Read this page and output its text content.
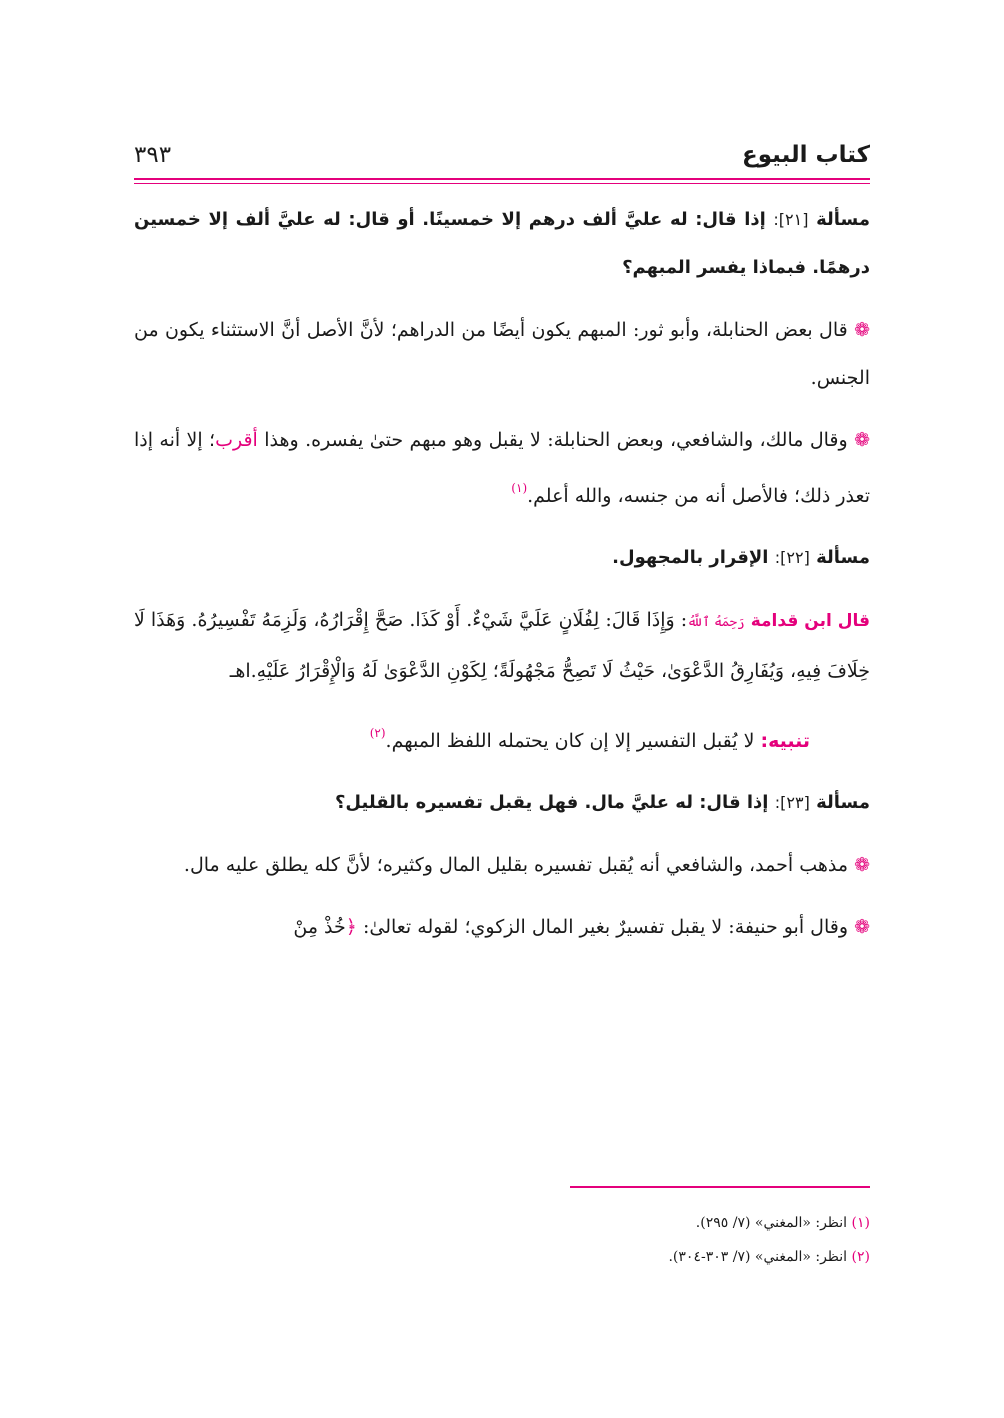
كتاب البيوع
٣٩٣

مسألة [٢١]: إذا قال: له عليَّ ألف درهم إلا خمسينًا. أو قال: له عليَّ ألف إلا خمسين درهمًا. فبماذا يفسر المبهم؟

❁ قال بعض الحنابلة، وأبو ثور: المبهم يكون أيضًا من الدراهم؛ لأنَّ الأصل أنَّ الاستثناء يكون من الجنس.

❁ وقال مالك، والشافعي، وبعض الحنابلة: لا يقبل وهو مبهم حتىٰ يفسره. وهذا أقرب؛ إلا أنه إذا تعذر ذلك؛ فالأصل أنه من جنسه، والله أعلم.$^{(١)}$

مسألة [٢٢]: الإقرار بالمجهول.

قال ابن قدامة رَحِمَهُ ٱللَّهُ: وَإِذَا قَالَ: لِفُلَانٍ عَلَيَّ شَيْءٌ. أَوْ كَذَا. صَحَّ إِقْرَارُهُ، وَلَزِمَهُ تَفْسِيرُهُ. وَهَذَا لَا خِلَافَ فِيهِ، وَيُفَارِقُ الدَّعْوَىٰ، حَيْثُ لَا تَصِحُّ مَجْهُولَةً؛ لِكَوْنِ الدَّعْوَىٰ لَهُ وَالْإِقْرَارُ عَلَيْهِ.اهـ

تنبيه: لا يُقبل التفسير إلا إن كان يحتمله اللفظ المبهم.$^{(٢)}$

مسألة [٢٣]: إذا قال: له عليَّ مال. فهل يقبل تفسيره بالقليل؟

❁ مذهب أحمد، والشافعي أنه يُقبل تفسيره بقليل المال وكثيره؛ لأنَّ كله يطلق عليه مال.

❁ وقال أبو حنيفة: لا يقبل تفسيرٌ بغير المال الزكوي؛ لقوله تعالىٰ: ﴿خُذْ مِنْ

(١) انظر: «المغني» (٧/ ٢٩٥).

(٢) انظر: «المغني» (٧/ ٣٠٣-٣٠٤).
